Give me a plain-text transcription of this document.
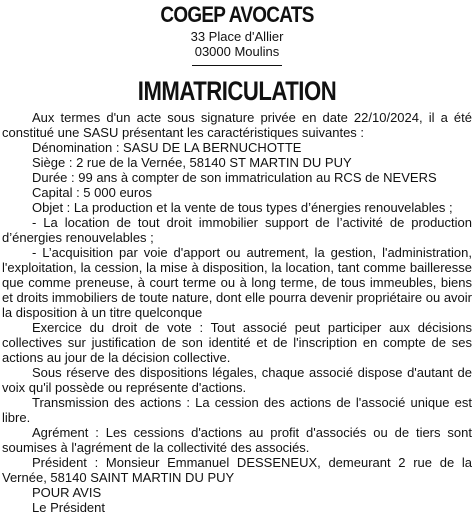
COGEP AVOCATS
33 Place d'Allier
03000 Moulins
IMMATRICULATION

Aux termes d'un acte sous signature privée en date 22/10/2024, il a été constitué une SASU présentant les caractéristiques suivantes :

Dénomination : SASU DE LA BERNUCHOTTE

Siège : 2 rue de la Vernée, 58140 ST MARTIN DU PUY

Durée : 99 ans à compter de son immatriculation au RCS de NEVERS

Capital : 5 000 euros

Objet : La production et la vente de tous types d’énergies renouvelables ;

- La location de tout droit immobilier support de l’activité de production d’énergies renouvelables ;

- L’acquisition par voie d'apport ou autrement, la gestion, l'administration, l'exploitation, la cession, la mise à disposition, la location, tant comme bailleresse que comme preneuse, à court terme ou à long terme, de tous immeubles, biens et droits immobiliers de toute nature, dont elle pourra devenir propriétaire ou avoir la disposition à un titre quelconque

Exercice du droit de vote : Tout associé peut participer aux décisions collectives sur justification de son identité et de l'inscription en compte de ses actions au jour de la décision collective.

Sous réserve des dispositions légales, chaque associé dispose d'autant de voix qu'il possède ou représente d'actions.

Transmission des actions : La cession des actions de l'associé unique est libre.

Agrément : Les cessions d'actions au profit d'associés ou de tiers sont soumises à l'agrément de la collectivité des associés.

Président : Monsieur Emmanuel DESSENEUX, demeurant 2 rue de la Vernée, 58140 SAINT MARTIN DU PUY

POUR AVIS

Le Président
